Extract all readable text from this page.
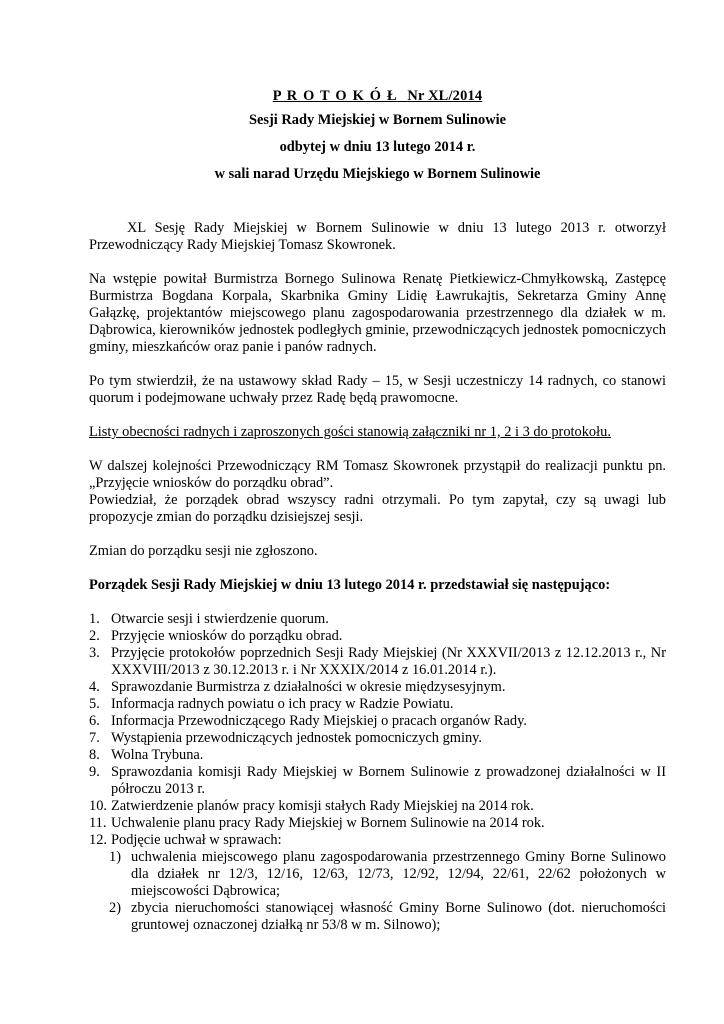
P R O T O K Ó Ł Nr XL/2014
Sesji Rady Miejskiej w Bornem Sulinowie
odbytej w dniu 13 lutego 2014 r.
w sali narad Urzędu Miejskiego w Bornem Sulinowie

XL Sesję Rady Miejskiej w Bornem Sulinowie w dniu 13 lutego 2013 r. otworzył Przewodniczący Rady Miejskiej Tomasz Skowronek.

Na wstępie powitał Burmistrza Bornego Sulinowa Renatę Pietkiewicz-Chmyłkowską, Zastępcę Burmistrza Bogdana Korpala, Skarbnika Gminy Lidię Ławrukajtis, Sekretarza Gminy Annę Gałązkę, projektantów miejscowego planu zagospodarowania przestrzennego dla działek w m. Dąbrowica, kierowników jednostek podległych gminie, przewodniczących jednostek pomocniczych gminy, mieszkańców oraz panie i panów radnych.

Po tym stwierdził, że na ustawowy skład Rady – 15, w Sesji uczestniczy 14 radnych, co stanowi quorum i podejmowane uchwały przez Radę będą prawomocne.

Listy obecności radnych i zaproszonych gości stanowią załączniki nr 1, 2 i 3 do protokołu.

W dalszej kolejności Przewodniczący RM Tomasz Skowronek przystąpił do realizacji punktu pn. „Przyjęcie wniosków do porządku obrad”.

Powiedział, że porządek obrad wszyscy radni otrzymali. Po tym zapytał, czy są uwagi lub propozycje zmian do porządku dzisiejszej sesji.

Zmian do porządku sesji nie zgłoszono.

Porządek Sesji Rady Miejskiej w dniu 13 lutego 2014 r. przedstawiał się następująco:

1. Otwarcie sesji i stwierdzenie quorum.
2. Przyjęcie wniosków do porządku obrad.
3. Przyjęcie protokołów poprzednich Sesji Rady Miejskiej (Nr XXXVII/2013 z 12.12.2013 r., Nr XXXVIII/2013 z 30.12.2013 r. i Nr XXXIX/2014 z 16.01.2014 r.).
4. Sprawozdanie Burmistrza z działalności w okresie międzysesyjnym.
5. Informacja radnych powiatu o ich pracy w Radzie Powiatu.
6. Informacja Przewodniczącego Rady Miejskiej o pracach organów Rady.
7. Wystąpienia przewodniczących jednostek pomocniczych gminy.
8. Wolna Trybuna.
9. Sprawozdania komisji Rady Miejskiej w Bornem Sulinowie z prowadzonej działalności w II półroczu 2013 r.
10. Zatwierdzenie planów pracy komisji stałych Rady Miejskiej na 2014 rok.
11. Uchwalenie planu pracy Rady Miejskiej w Bornem Sulinowie na 2014 rok.
12. Podjęcie uchwał w sprawach:
1) uchwalenia miejscowego planu zagospodarowania przestrzennego Gminy Borne Sulinowo dla działek nr 12/3, 12/16, 12/63, 12/73, 12/92, 12/94, 22/61, 22/62 położonych w miejscowości Dąbrowica;
2) zbycia nieruchomości stanowiącej własność Gminy Borne Sulinowo (dot. nieruchomości gruntowej oznaczonej działką nr 53/8 w m. Silnowo);
